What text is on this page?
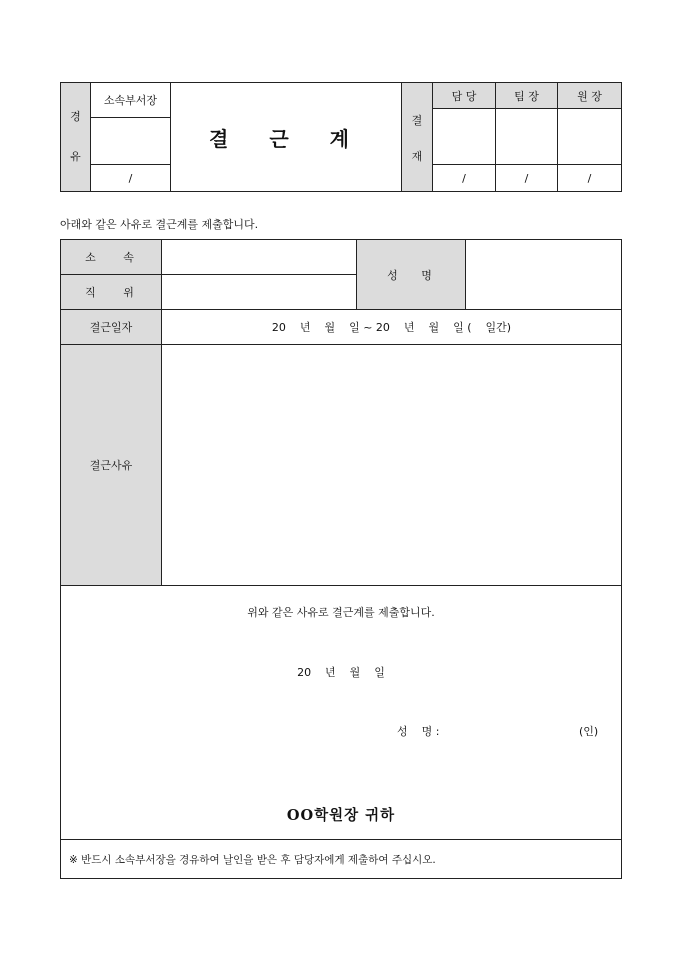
경
유
소속부서장
/
결 근 계
결
재
담 당
/
팀 장
/
원 장
/
아래와 같은 사유로 결근계를 제출합니다.
소 속
직 위
성 명
결근일자	20    년    월    일 ~ 20    년    월    일 (    일간)
결근사유
위와 같은 사유로 결근계를 제출합니다.
20    년    월    일
성    명 :	(인)
OO학원장 귀하
※ 반드시 소속부서장을 경유하여 날인을 받은 후 담당자에게 제출하여 주십시오.
